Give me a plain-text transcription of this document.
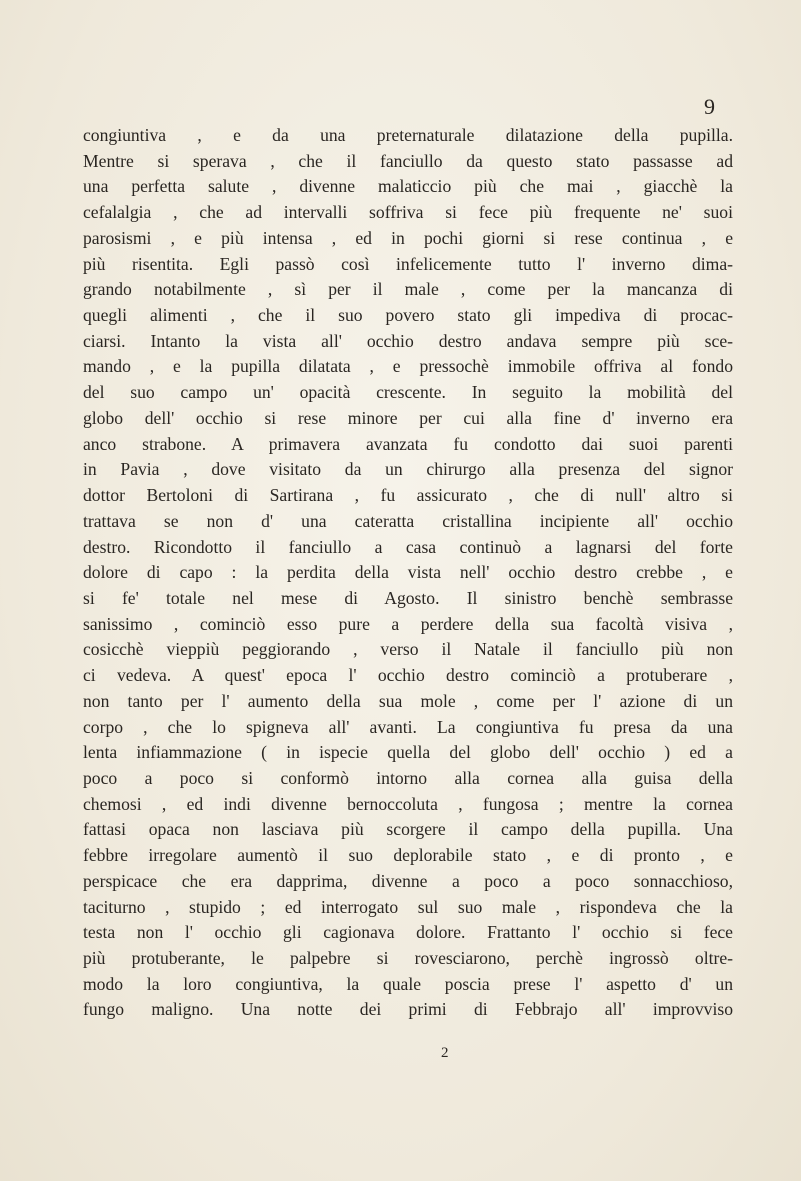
9
congiuntiva , e da una preternaturale dilatazione della pupilla.
Mentre si sperava , che il fanciullo da questo stato passasse ad
una perfetta salute , divenne malaticcio più che mai , giacchè la
cefalalgia , che ad intervalli soffriva si fece più frequente ne' suoi
parosismi , e più intensa , ed in pochi giorni si rese continua , e
più risentita. Egli passò così infelicemente tutto l' inverno dima-
grando notabilmente , sì per il male , come per la mancanza di
quegli alimenti , che il suo povero stato gli impediva di procac-
ciarsi. Intanto la vista all' occhio destro andava sempre più sce-
mando , e la pupilla dilatata , e pressochè immobile offriva al fondo
del suo campo un' opacità crescente. In seguito la mobilità del
globo dell' occhio si rese minore per cui alla fine d' inverno era
anco strabone. A primavera avanzata fu condotto dai suoi parenti
in Pavia , dove visitato da un chirurgo alla presenza del signor
dottor Bertoloni di Sartirana , fu assicurato , che di null' altro si
trattava se non d' una cateratta cristallina incipiente all' occhio
destro. Ricondotto il fanciullo a casa continuò a lagnarsi del forte
dolore di capo : la perdita della vista nell' occhio destro crebbe , e
si fe' totale nel mese di Agosto. Il sinistro benchè sembrasse
sanissimo , cominciò esso pure a perdere della sua facoltà visiva ,
cosicchè vieppiù peggiorando , verso il Natale il fanciullo più non
ci vedeva. A quest' epoca l' occhio destro cominciò a protuberare ,
non tanto per l' aumento della sua mole , come per l' azione di un
corpo , che lo spigneva all' avanti. La congiuntiva fu presa da una
lenta infiammazione ( in ispecie quella del globo dell' occhio ) ed a
poco a poco si conformò intorno alla cornea alla guisa della
chemosi , ed indi divenne bernoccoluta , fungosa ; mentre la cornea
fattasi opaca non lasciava più scorgere il campo della pupilla. Una
febbre irregolare aumentò il suo deplorabile stato , e di pronto , e
perspicace che era dapprima, divenne a poco a poco sonnacchioso,
taciturno , stupido ; ed interrogato sul suo male , rispondeva che la
testa non l' occhio gli cagionava dolore. Frattanto l' occhio si fece
più protuberante, le palpebre si rovesciarono, perchè ingrossò oltre-
modo la loro congiuntiva, la quale poscia prese l' aspetto d' un
fungo maligno. Una notte dei primi di Febbrajo all' improvviso
2
